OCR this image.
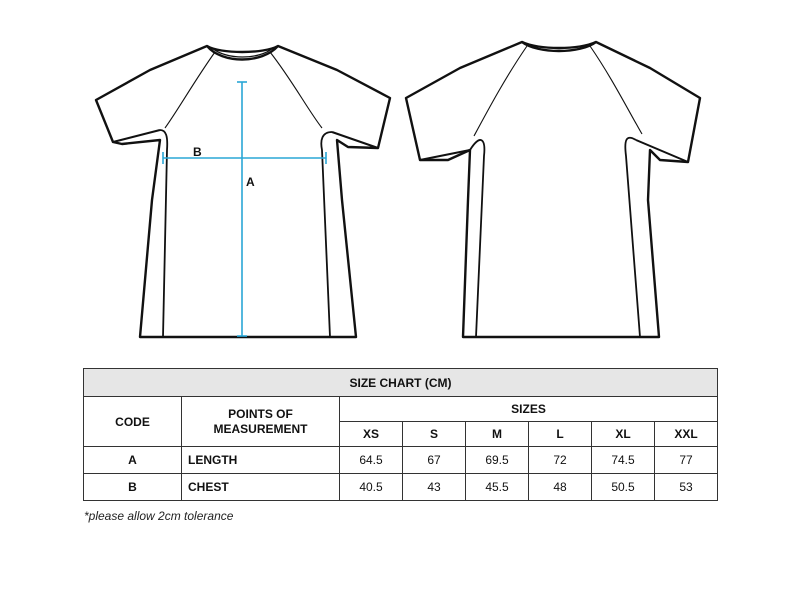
A
B
SIZE CHART (CM)							
CODE	POINTS OF MEASUREMENT	SIZES					
		XS	S	M	L	XL	XXL
A	LENGTH	64.5	67	69.5	72	74.5	77
B	CHEST	40.5	43	45.5	48	50.5	53
*please allow 2cm tolerance
